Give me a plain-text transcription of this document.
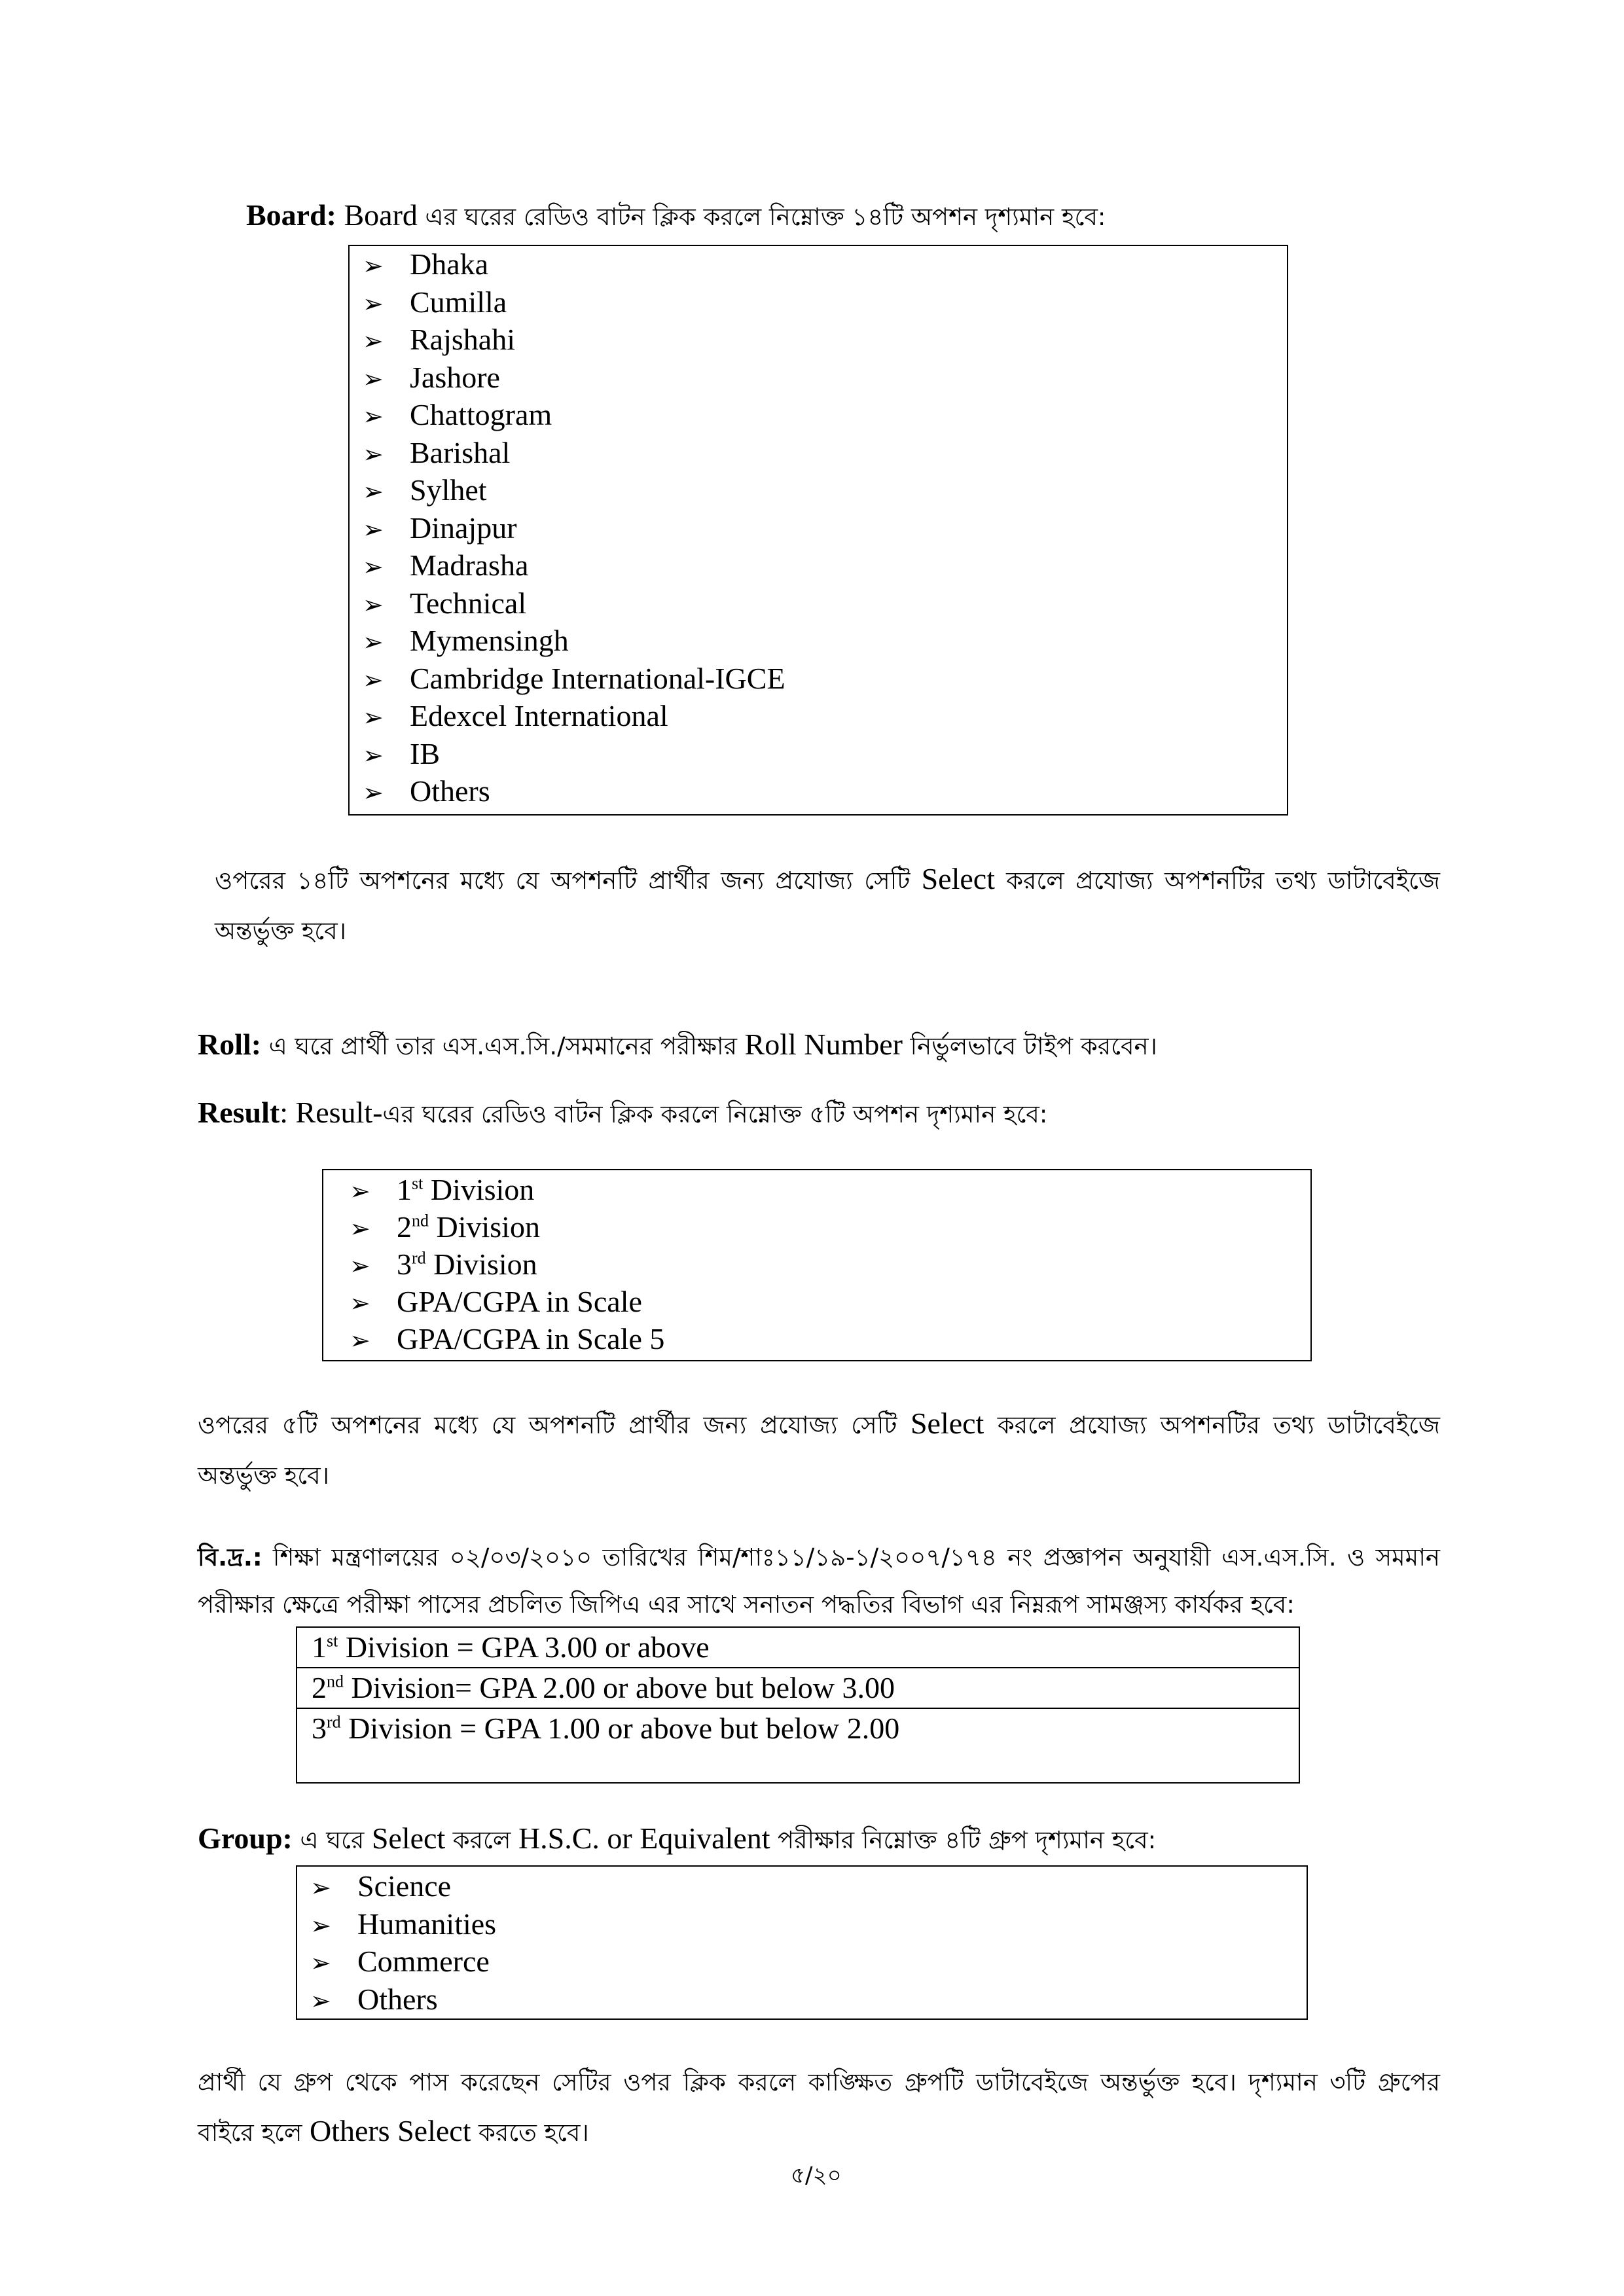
Board: Board এর ঘরের রেডিও বাটন ক্লিক করলে নিম্নোক্ত ১৪টি অপশন দৃশ্যমান হবে:
➢ Dhaka
➢ Cumilla
➢ Rajshahi
➢ Jashore
➢ Chattogram
➢ Barishal
➢ Sylhet
➢ Dinajpur
➢ Madrasha
➢ Technical
➢ Mymensingh
➢ Cambridge International-IGCE
➢ Edexcel International
➢ IB
➢ Others
ওপরের ১৪টি অপশনের মধ্যে যে অপশনটি প্রার্থীর জন্য প্রযোজ্য সেটি Select করলে প্রযোজ্য অপশনটির তথ্য ডাটাবেইজে
অন্তর্ভুক্ত হবে।
Roll: এ ঘরে প্রার্থী তার এস.এস.সি./সমমানের পরীক্ষার Roll Number নির্ভুলভাবে টাইপ করবেন।
Result: Result-এর ঘরের রেডিও বাটন ক্লিক করলে নিম্নোক্ত ৫টি অপশন দৃশ্যমান হবে:
➢ 1st Division
➢ 2nd Division
➢ 3rd Division
➢ GPA/CGPA in Scale
➢ GPA/CGPA in Scale 5
ওপরের ৫টি অপশনের মধ্যে যে অপশনটি প্রার্থীর জন্য প্রযোজ্য সেটি Select করলে প্রযোজ্য অপশনটির তথ্য ডাটাবেইজে
অন্তর্ভুক্ত হবে।
বি.দ্র.: শিক্ষা মন্ত্রণালয়ের ০২/০৩/২০১০ তারিখের শিম/শাঃ১১/১৯-১/২০০৭/১৭৪ নং প্রজ্ঞাপন অনুযায়ী এস.এস.সি. ও সমমান
পরীক্ষার ক্ষেত্রে পরীক্ষা পাসের প্রচলিত জিপিএ এর সাথে সনাতন পদ্ধতির বিভাগ এর নিম্নরূপ সামঞ্জস্য কার্যকর হবে:
1st Division = GPA 3.00 or above
2nd Division= GPA 2.00 or above but below 3.00
3rd Division = GPA 1.00 or above but below 2.00
Group: এ ঘরে Select করলে H.S.C. or Equivalent পরীক্ষার নিম্নোক্ত ৪টি গ্রুপ দৃশ্যমান হবে:
➢ Science
➢ Humanities
➢ Commerce
➢ Others
প্রার্থী যে গ্রুপ থেকে পাস করেছেন সেটির ওপর ক্লিক করলে কাঙ্ক্ষিত গ্রুপটি ডাটাবেইজে অন্তর্ভুক্ত হবে। দৃশ্যমান ৩টি গ্রুপের
বাইরে হলে Others Select করতে হবে।
৫/২০
